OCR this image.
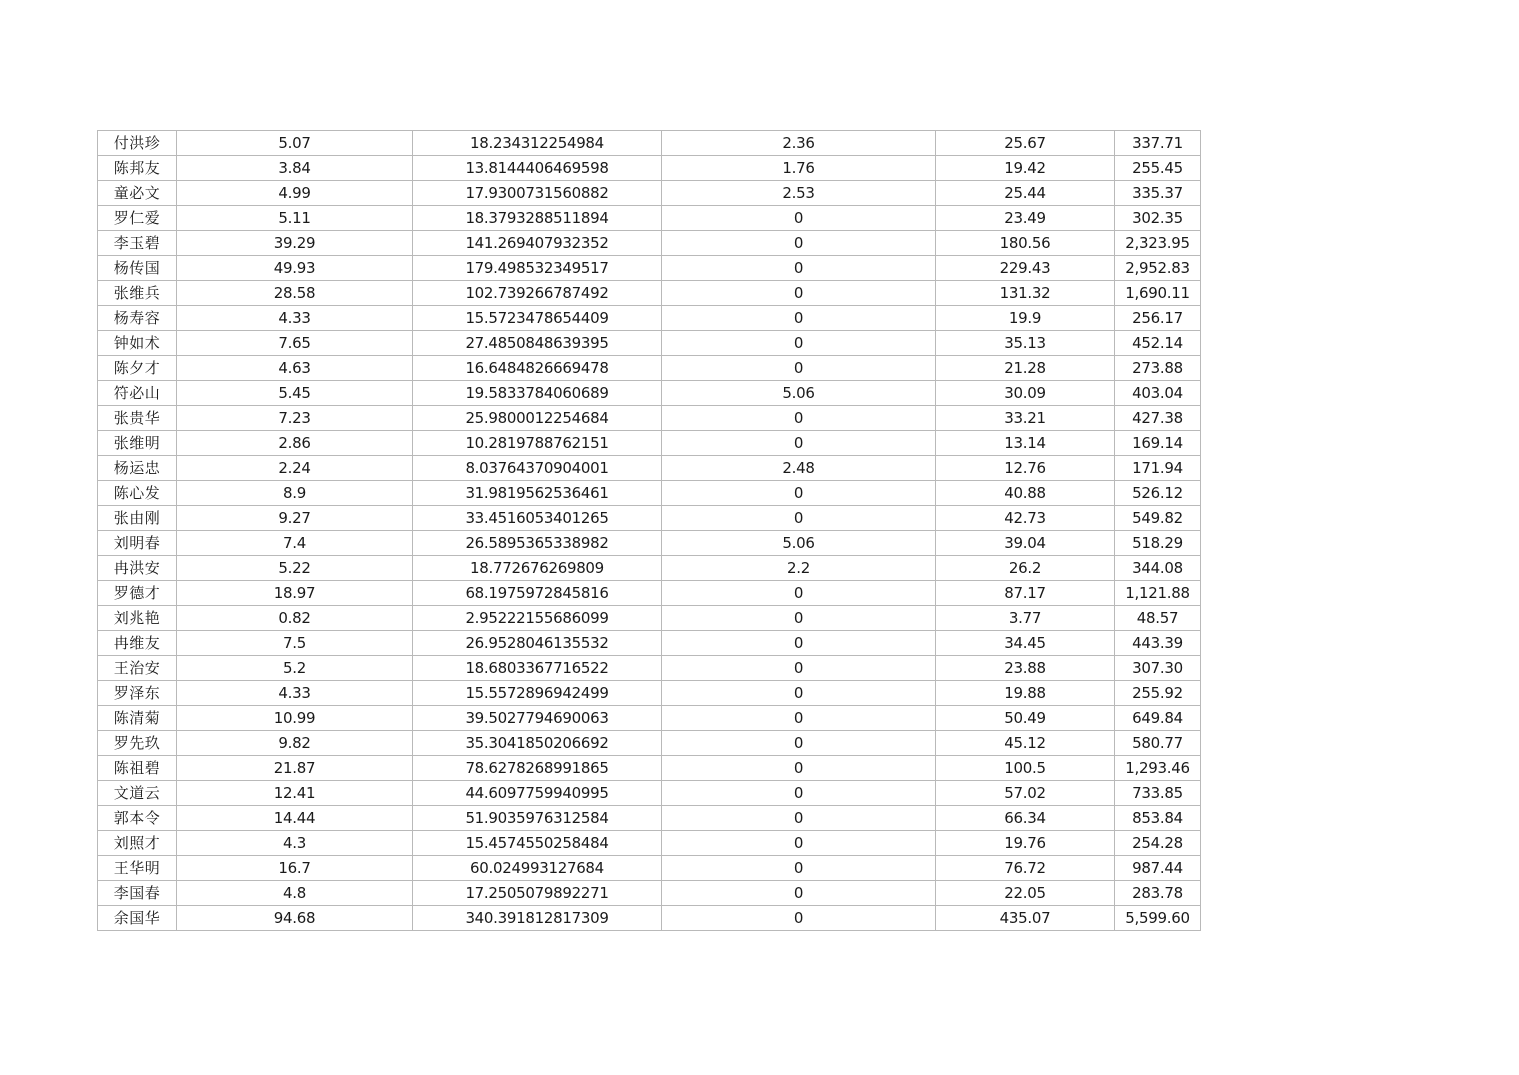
付洪珍	5.07	18.234312254984	2.36	25.67	337.71
陈邦友	3.84	13.8144406469598	1.76	19.42	255.45
童必文	4.99	17.9300731560882	2.53	25.44	335.37
罗仁爱	5.11	18.3793288511894	0	23.49	302.35
李玉碧	39.29	141.269407932352	0	180.56	2,323.95
杨传国	49.93	179.498532349517	0	229.43	2,952.83
张维兵	28.58	102.739266787492	0	131.32	1,690.11
杨寿容	4.33	15.5723478654409	0	19.9	256.17
钟如术	7.65	27.4850848639395	0	35.13	452.14
陈夕才	4.63	16.6484826669478	0	21.28	273.88
符必山	5.45	19.5833784060689	5.06	30.09	403.04
张贵华	7.23	25.9800012254684	0	33.21	427.38
张维明	2.86	10.2819788762151	0	13.14	169.14
杨运忠	2.24	8.03764370904001	2.48	12.76	171.94
陈心发	8.9	31.9819562536461	0	40.88	526.12
张由刚	9.27	33.4516053401265	0	42.73	549.82
刘明春	7.4	26.5895365338982	5.06	39.04	518.29
冉洪安	5.22	18.772676269809	2.2	26.2	344.08
罗德才	18.97	68.1975972845816	0	87.17	1,121.88
刘兆艳	0.82	2.95222155686099	0	3.77	48.57
冉维友	7.5	26.9528046135532	0	34.45	443.39
王治安	5.2	18.6803367716522	0	23.88	307.30
罗泽东	4.33	15.5572896942499	0	19.88	255.92
陈清菊	10.99	39.5027794690063	0	50.49	649.84
罗先玖	9.82	35.3041850206692	0	45.12	580.77
陈祖碧	21.87	78.6278268991865	0	100.5	1,293.46
文道云	12.41	44.6097759940995	0	57.02	733.85
郭本令	14.44	51.9035976312584	0	66.34	853.84
刘照才	4.3	15.4574550258484	0	19.76	254.28
王华明	16.7	60.024993127684	0	76.72	987.44
李国春	4.8	17.2505079892271	0	22.05	283.78
余国华	94.68	340.391812817309	0	435.07	5,599.60
